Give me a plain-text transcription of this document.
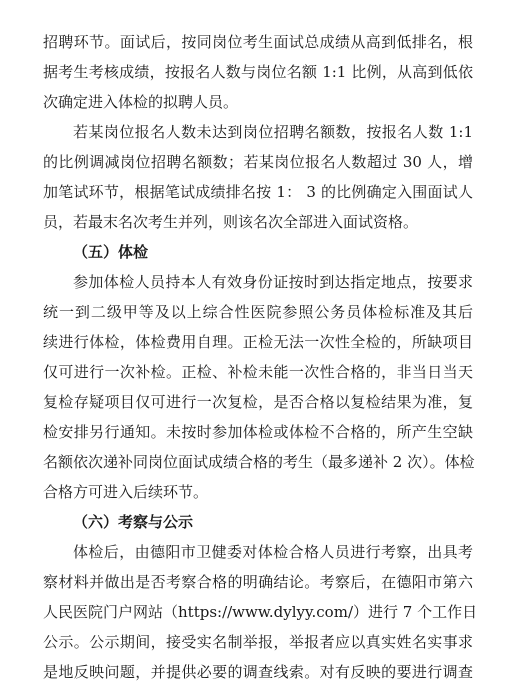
招聘环节。面试后，按同岗位考生面试总成绩从高到低排名，根
据考生考核成绩，按报名人数与岗位名额 1:1 比例，从高到低依
次确定进入体检的拟聘人员。
若某岗位报名人数未达到岗位招聘名额数，按报名人数 1:1
的比例调减岗位招聘名额数；若某岗位报名人数超过 30 人，增
加笔试环节，根据笔试成绩排名按 1： 3 的比例确定入围面试人
员，若最末名次考生并列，则该名次全部进入面试资格。
（五）体检
参加体检人员持本人有效身份证按时到达指定地点，按要求
统一到二级甲等及以上综合性医院参照公务员体检标准及其后
续进行体检，体检费用自理。正检无法一次性全检的，所缺项目
仅可进行一次补检。正检、补检未能一次性合格的，非当日当天
复检存疑项目仅可进行一次复检，是否合格以复检结果为准，复
检安排另行通知。未按时参加体检或体检不合格的，所产生空缺
名额依次递补同岗位面试成绩合格的考生（最多递补 2 次）。体检
合格方可进入后续环节。
（六）考察与公示
体检后，由德阳市卫健委对体检合格人员进行考察，出具考
察材料并做出是否考察合格的明确结论。考察后，在德阳市第六
人民医院门户网站（https://www.dylyy.com/）进行 7 个工作日
公示。公示期间，接受实名制举报，举报者应以真实姓名实事求
是地反映问题，并提供必要的调查线索。对有反映的要进行调查
